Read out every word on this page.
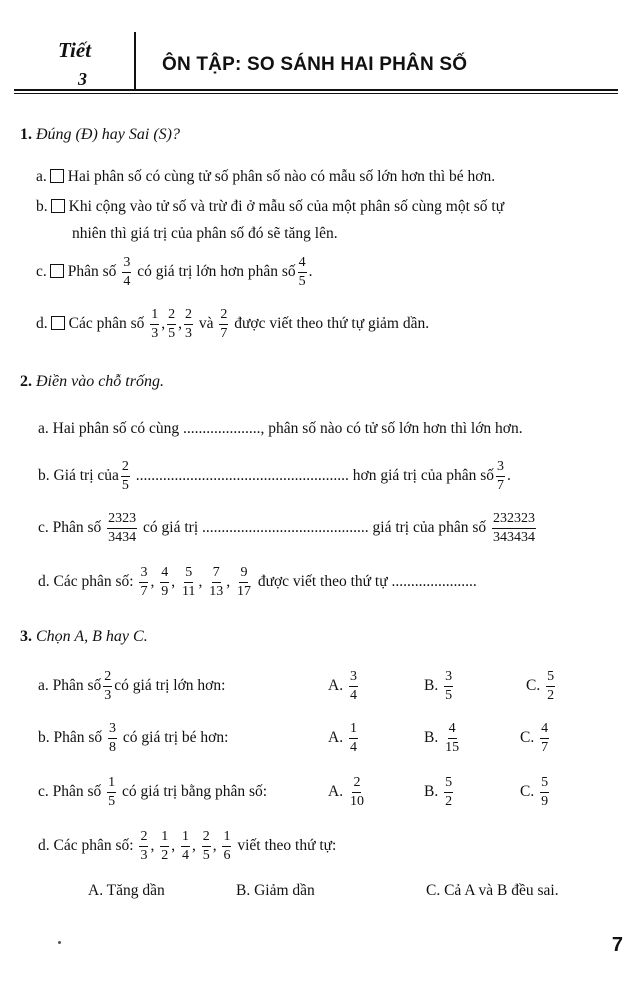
Tiết
3
ÔN TẬP: SO SÁNH HAI PHÂN SỐ
1. Đúng (Đ) hay Sai (S)?
a. Hai phân số có cùng tử số phân số nào có mẫu số lớn hơn thì bé hơn.
b. Khi cộng vào tử số và trừ đi ở mẫu số của một phân số cùng một số tự
nhiên thì giá trị của phân số đó sẽ tăng lên.
c. Phân số $\frac{3}{4}$ có giá trị lớn hơn phân số $\frac{4}{5}$ .
d. Các phân số $\frac{1}{3}$ , $\frac{2}{5}$ , $\frac{2}{3}$ và $\frac{2}{7}$ được viết theo thứ tự giảm dần.
2. Điền vào chỗ trống.
a. Hai phân số có cùng ...................., phân số nào có tử số lớn hơn thì lớn hơn.
b. Giá trị của $\frac{2}{5}$ ....................................................... hơn giá trị của phân số $\frac{3}{7}$ .
c. Phân số $\frac{2323}{3434}$ có giá trị ........................................... giá trị của phân số $\frac{232323}{343434}$
d. Các phân số: $\frac{3}{7}$ , $\frac{4}{9}$ , $\frac{5}{11}$ , $\frac{7}{13}$ , $\frac{9}{17}$ được viết theo thứ tự ......................
3. Chọn A, B hay C.
a. Phân số $\frac{2}{3}$ có giá trị lớn hơn:	A. $\frac{3}{4}$	B. $\frac{3}{5}$	C. $\frac{5}{2}$
b. Phân số $\frac{3}{8}$ có giá trị bé hơn:	A. $\frac{1}{4}$	B. $\frac{4}{15}$	C. $\frac{4}{7}$
c. Phân số $\frac{1}{5}$ có giá trị bằng phân số:	A. $\frac{2}{10}$	B. $\frac{5}{2}$	C. $\frac{5}{9}$
d. Các phân số: $\frac{2}{3}$ , $\frac{1}{2}$ , $\frac{1}{4}$ , $\frac{2}{5}$ , $\frac{1}{6}$ viết theo thứ tự:
A. Tăng dần	B. Giảm dần	C. Cả A và B đều sai.
7
